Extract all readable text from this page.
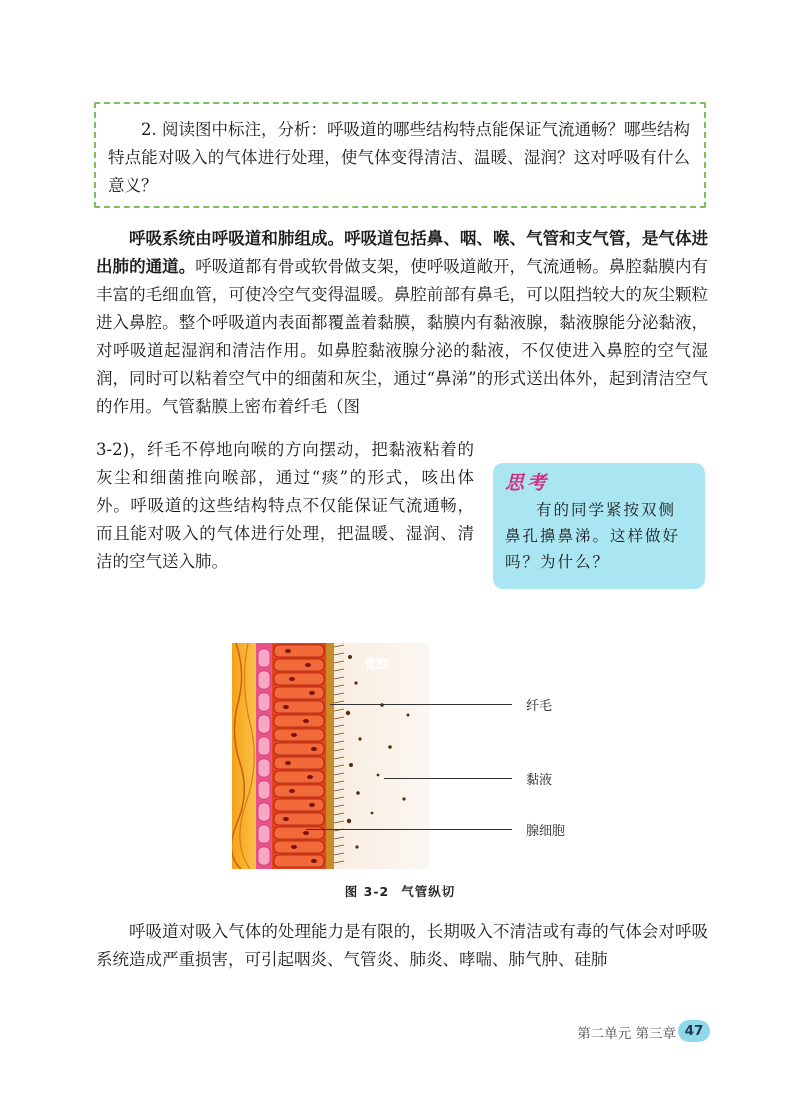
2. 阅读图中标注，分析：呼吸道的哪些结构特点能保证气流通畅？哪些结构特点能对吸入的气体进行处理，使气体变得清洁、温暖、湿润？这对呼吸有什么意义？

呼吸系统由呼吸道和肺组成。呼吸道包括鼻、咽、喉、气管和支气管，是气体进出肺的通道。呼吸道都有骨或软骨做支架，使呼吸道敞开，气流通畅。鼻腔黏膜内有丰富的毛细血管，可使冷空气变得温暖。鼻腔前部有鼻毛，可以阻挡较大的灰尘颗粒进入鼻腔。整个呼吸道内表面都覆盖着黏膜，黏膜内有黏液腺，黏液腺能分泌黏液，对呼吸道起湿润和清洁作用。如鼻腔黏液腺分泌的黏液，不仅使进入鼻腔的空气湿润，同时可以粘着空气中的细菌和灰尘，通过“鼻涕”的形式送出体外，起到清洁空气的作用。气管黏膜上密布着纤毛（图

3-2)，纤毛不停地向喉的方向摆动，把黏液粘着的灰尘和细菌推向喉部，通过“痰”的形式，咳出体外。呼吸道的这些结构特点不仅能保证气流通畅，而且能对吸入的气体进行处理，把温暖、湿润、清洁的空气送入肺。

思考

有的同学紧按双侧鼻孔擤鼻涕。这样做好吗？为什么？

管腔
纤毛
黏液
腺细胞
图 3-2 气管纵切

呼吸道对吸入气体的处理能力是有限的，长期吸入不清洁或有毒的气体会对呼吸系统造成严重损害，可引起咽炎、气管炎、肺炎、哮喘、肺气肿、硅肺

第二单元 第三章 47
